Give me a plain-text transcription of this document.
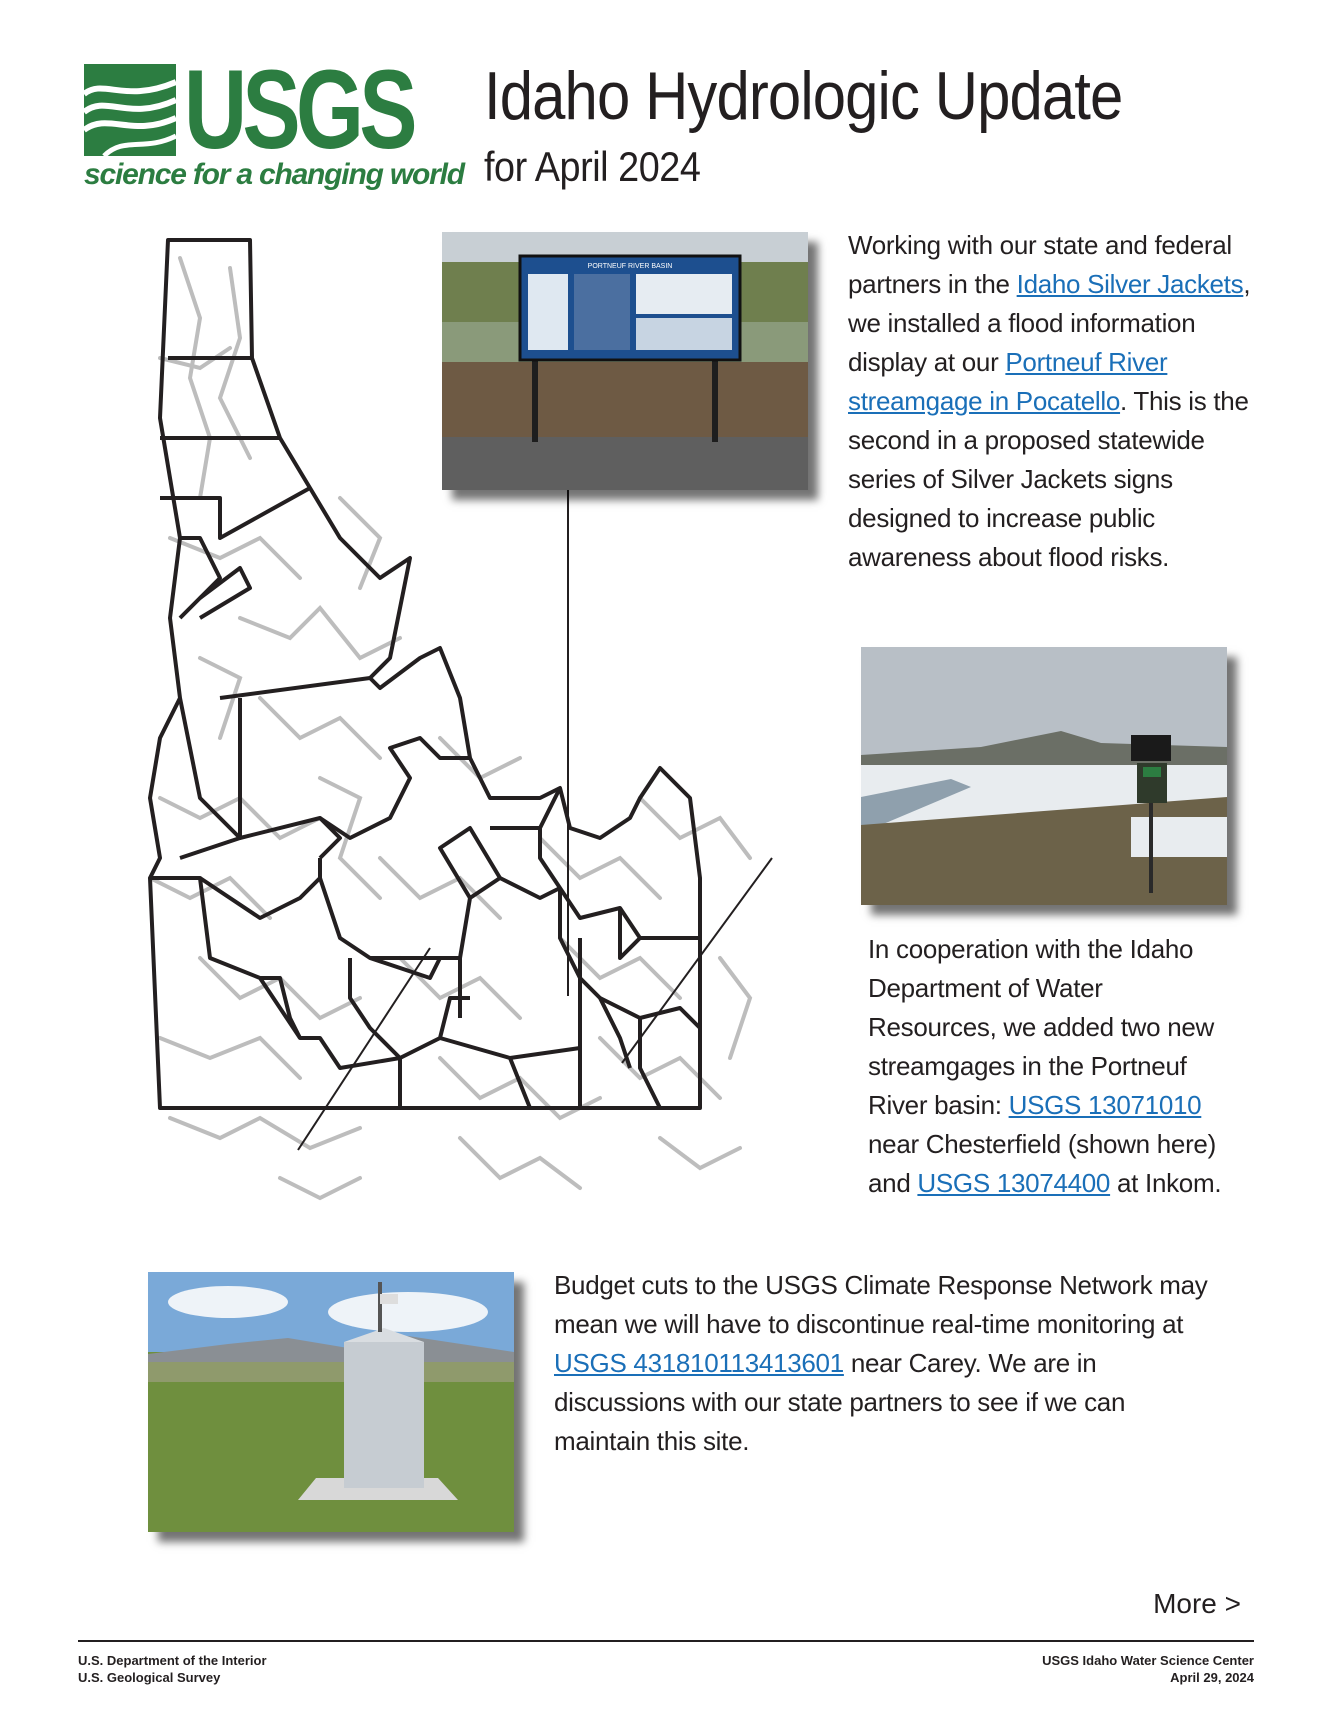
USGS
science for a changing world
Idaho Hydrologic Update
for April 2024
PORTNEUF RIVER BASIN
Working with our state and federal partners in the Idaho Silver Jackets, we installed a flood information display at our Portneuf River streamgage in Pocatello. This is the second in a proposed statewide series of Silver Jackets signs designed to increase public awareness about flood risks.
In cooperation with the Idaho Department of Water Resources, we added two new streamgages in the Portneuf River basin: USGS 13071010 near Chesterfield (shown here) and USGS 13074400 at Inkom.
Budget cuts to the USGS Climate Response Network may mean we will have to discontinue real-time monitoring at USGS 431810113413601 near Carey. We are in discussions with our state partners to see if we can maintain this site.
More >
U.S. Department of the Interior
U.S. Geological Survey
USGS Idaho Water Science Center
April 29, 2024
